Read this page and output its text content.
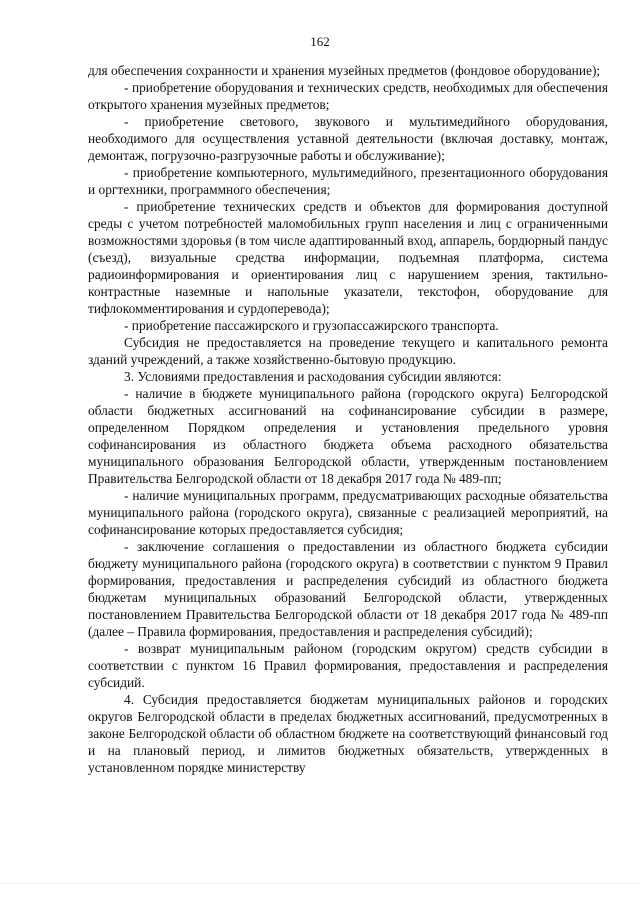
162

для обеспечения сохранности и хранения музейных предметов (фондовое оборудование);

- приобретение оборудования и технических средств, необходимых для обеспечения открытого хранения музейных предметов;

- приобретение светового, звукового и мультимедийного оборудования, необходимого для осуществления уставной деятельности (включая доставку, монтаж, демонтаж, погрузочно-разгрузочные работы и обслуживание);

- приобретение компьютерного, мультимедийного, презентационного оборудования и оргтехники, программного обеспечения;

- приобретение технических средств и объектов для формирования доступной среды с учетом потребностей маломобильных групп населения и лиц с ограниченными возможностями здоровья (в том числе адаптированный вход, аппарель, бордюрный пандус (съезд), визуальные средства информации, подъемная платформа, система радиоинформирования и ориентирования лиц с нарушением зрения, тактильно-контрастные наземные и напольные указатели, текстофон, оборудование для тифлокомментирования и сурдоперевода);

- приобретение пассажирского и грузопассажирского транспорта.

Субсидия не предоставляется на проведение текущего и капитального ремонта зданий учреждений, а также хозяйственно-бытовую продукцию.

3. Условиями предоставления и расходования субсидии являются:

- наличие в бюджете муниципального района (городского округа) Белгородской области бюджетных ассигнований на софинансирование субсидии в размере, определенном Порядком определения и установления предельного уровня софинансирования из областного бюджета объема расходного обязательства муниципального образования Белгородской области, утвержденным постановлением Правительства Белгородской области от 18 декабря 2017 года № 489-пп;

- наличие муниципальных программ, предусматривающих расходные обязательства муниципального района (городского округа), связанные с реализацией мероприятий, на софинансирование которых предоставляется субсидия;

- заключение соглашения о предоставлении из областного бюджета субсидии бюджету муниципального района (городского округа) в соответствии с пунктом 9 Правил формирования, предоставления и распределения субсидий из областного бюджета бюджетам муниципальных образований Белгородской области, утвержденных постановлением Правительства Белгородской области от 18 декабря 2017 года № 489-пп (далее – Правила формирования, предоставления и распределения субсидий);

- возврат муниципальным районом (городским округом) средств субсидии в соответствии с пунктом 16 Правил формирования, предоставления и распределения субсидий.

4. Субсидия предоставляется бюджетам муниципальных районов и городских округов Белгородской области в пределах бюджетных ассигнований, предусмотренных в законе Белгородской области об областном бюджете на соответствующий финансовый год и на плановый период, и лимитов бюджетных обязательств, утвержденных в установленном порядке министерству
